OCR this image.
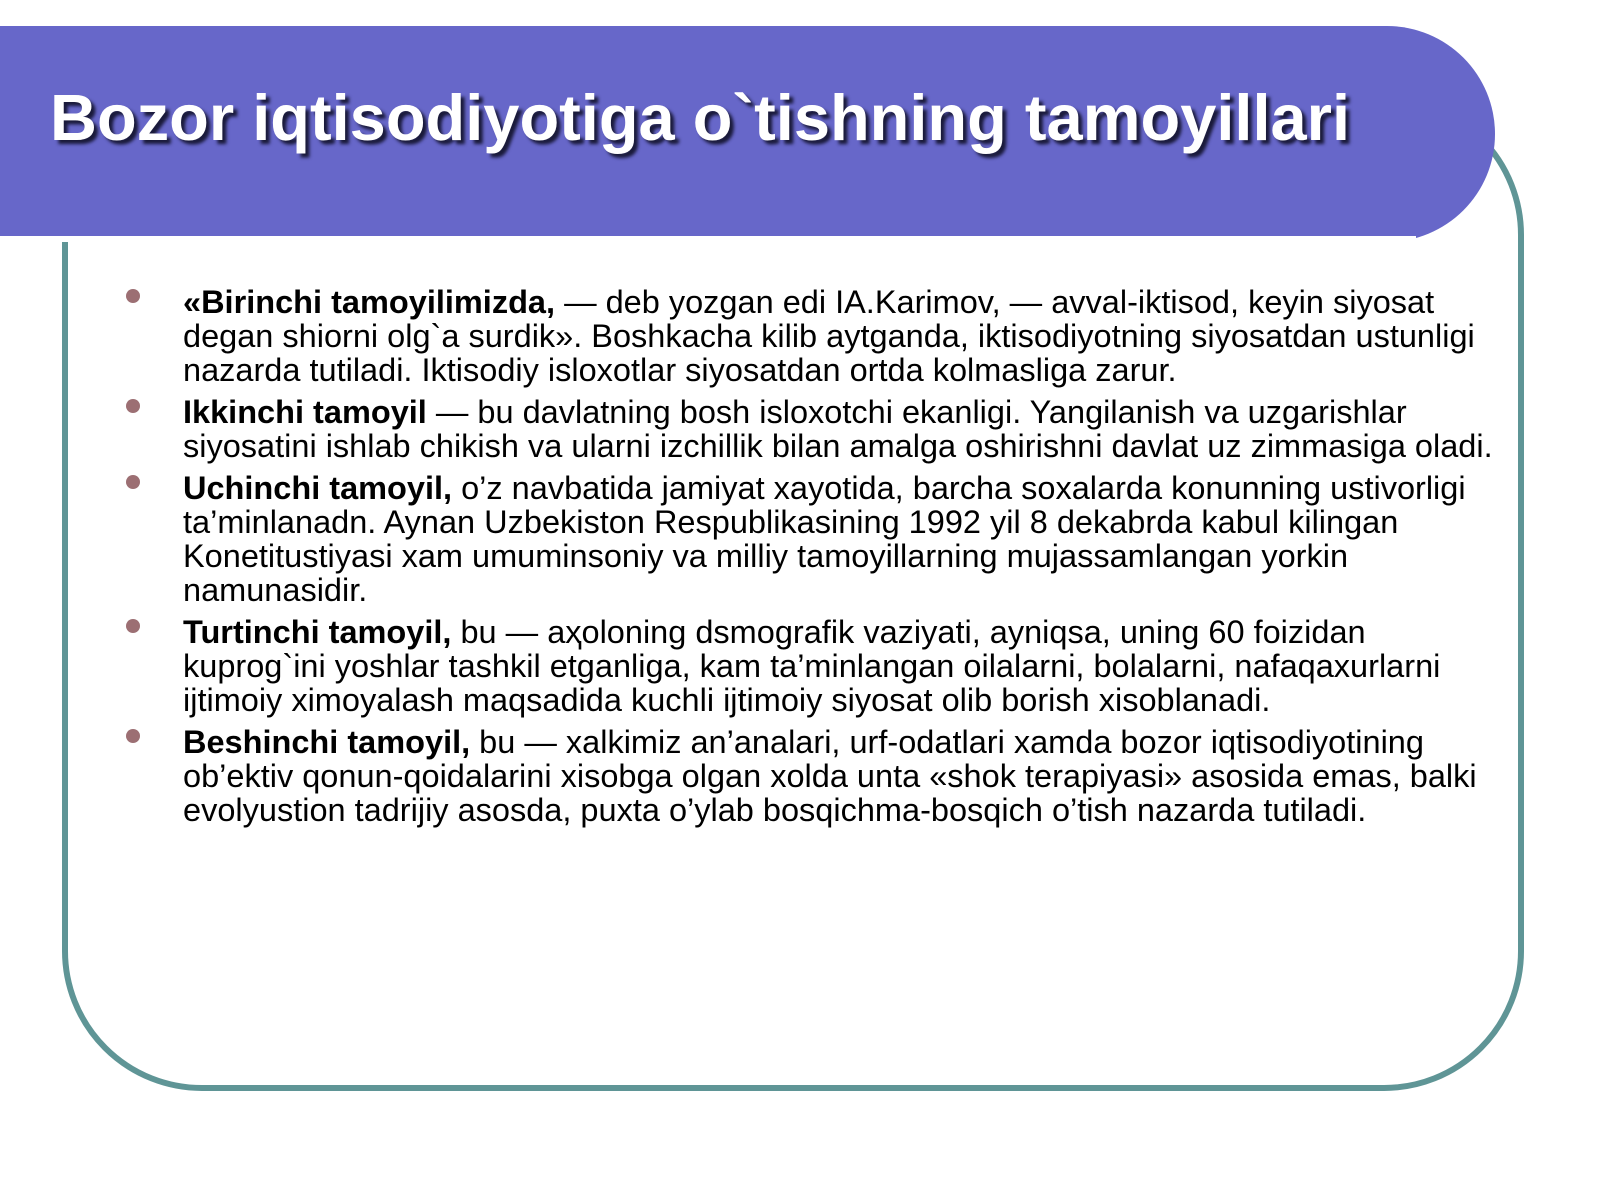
Bozor iqtisodiyotiga o`tishning tamoyillari
«Birinchi tamoyilimizda, — deb yozgan edi IA.Karimov, — avval-iktisod, keyin siyosat degan shiorni olg`a surdik». Boshkacha kilib aytganda, iktisodiyotning siyosatdan ustunligi nazarda tutiladi. Iktisodiy isloxotlar siyosatdan ortda kolmasliga zarur.
Ikkinchi tamoyil — bu davlatning bosh isloxotchi ekanligi. Yangilanish va uzgarishlar siyosatini ishlab chikish va ularni izchillik bilan amalga oshirishni davlat uz zimmasiga oladi.
Uchinchi tamoyil, o’z navbatida jamiyat xayotida, barcha soxalarda konunning ustivorligi ta’minlanadn. Aynan Uzbekiston Respublikasining 1992 yil 8 dekabrda kabul kilingan Konetitustiyasi xam umuminsoniy va milliy tamoyillarning mujassamlangan yorkin namunasidir.
Turtinchi tamoyil, bu — aҳoloning dsmografik vaziyati, ayniqsa, uning 60 foizidan kuprog`ini yoshlar tashkil etganliga, kam ta’minlangan oilalarni, bolalarni, nafaqaxurlarni ijtimoiy ximoyalash maqsadida kuchli ijtimoiy siyosat olib borish xisoblanadi.
Beshinchi tamoyil, bu — xalkimiz an’analari, urf-odatlari xamda bozor iqtisodiyotining ob’ektiv qonun-qoidalarini xisobga olgan xolda unta «shok terapiyasi» asosida emas, balki evolyustion tadrijiy asosda, puxta o’ylab bosqichma-bosqich o’tish nazarda tutiladi.
